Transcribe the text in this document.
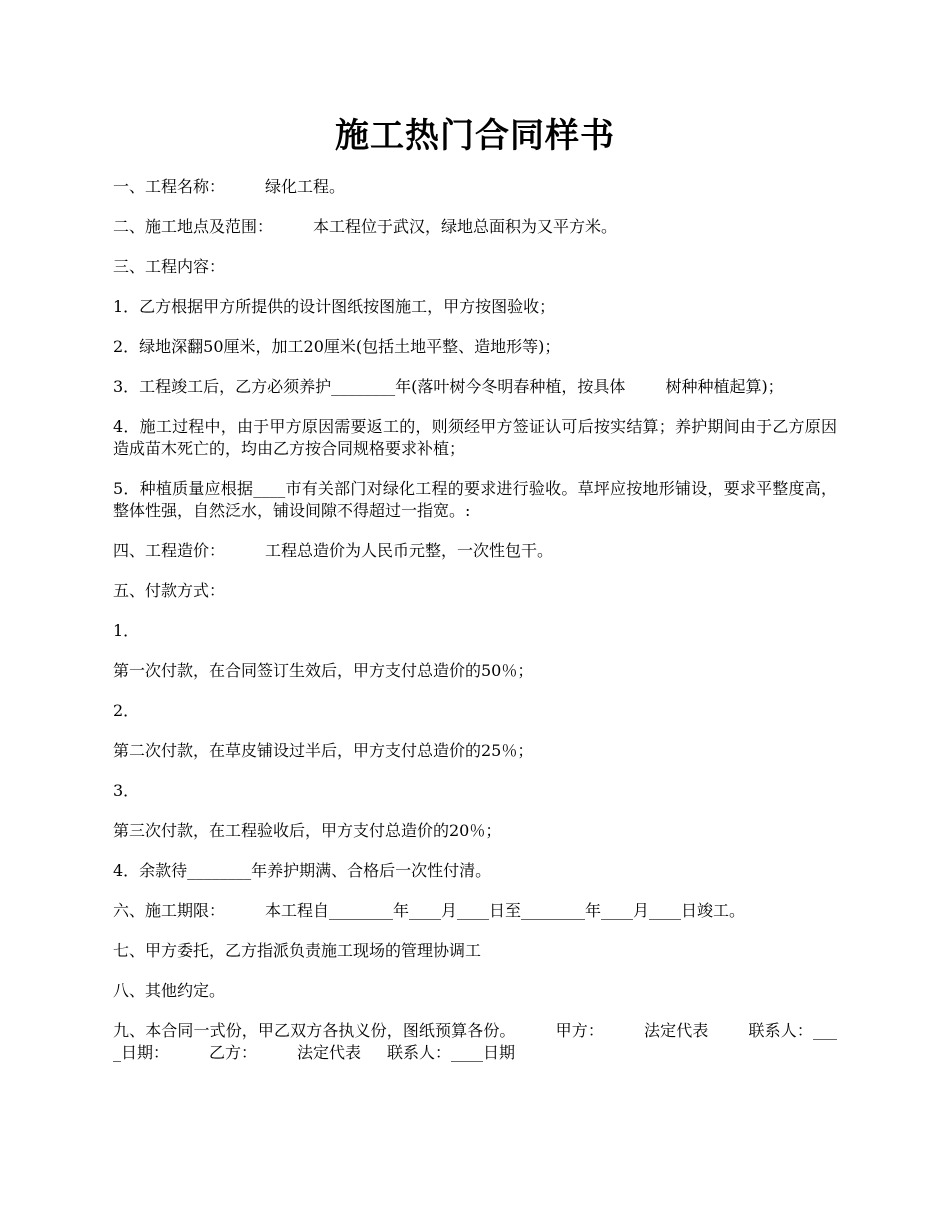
施工热门合同样书

一、工程名称：	绿化工程。

二、施工地点及范围：	本工程位于武汉，绿地总面积为又平方米。

三、工程内容：

1．乙方根据甲方所提供的设计图纸按图施工，甲方按图验收；

2．绿地深翻50厘米，加工20厘米(包括土地平整、造地形等)；

3．工程竣工后，乙方必须养护________年(落叶树今冬明春种植，按具体	树种种植起算)；

4．施工过程中，由于甲方原因需要返工的，则须经甲方签证认可后按实结算；养护期间由于乙方原因造成苗木死亡的，均由乙方按合同规格要求补植；

5．种植质量应根据____市有关部门对绿化工程的要求进行验收。草坪应按地形铺设，要求平整度高，整体性强，自然泛水，铺设间隙不得超过一指宽。:

四、工程造价：	工程总造价为人民币元整，一次性包干。

五、付款方式：

1．

第一次付款，在合同签订生效后，甲方支付总造价的50％；

2．

第二次付款，在草皮铺设过半后，甲方支付总造价的25％；

3．

第三次付款，在工程验收后，甲方支付总造价的20％；

4．余款待________年养护期满、合格后一次性付清。

六、施工期限：	本工程自________年____月____日至________年____月____日竣工。

七、甲方委托，乙方指派负责施工现场的管理协调工

八、其他约定。

九、本合同一式份，甲乙双方各执义份，图纸预算各份。	甲方：	法定代表	联系人：____日期：	乙方：	法定代表 联系人：____日期
